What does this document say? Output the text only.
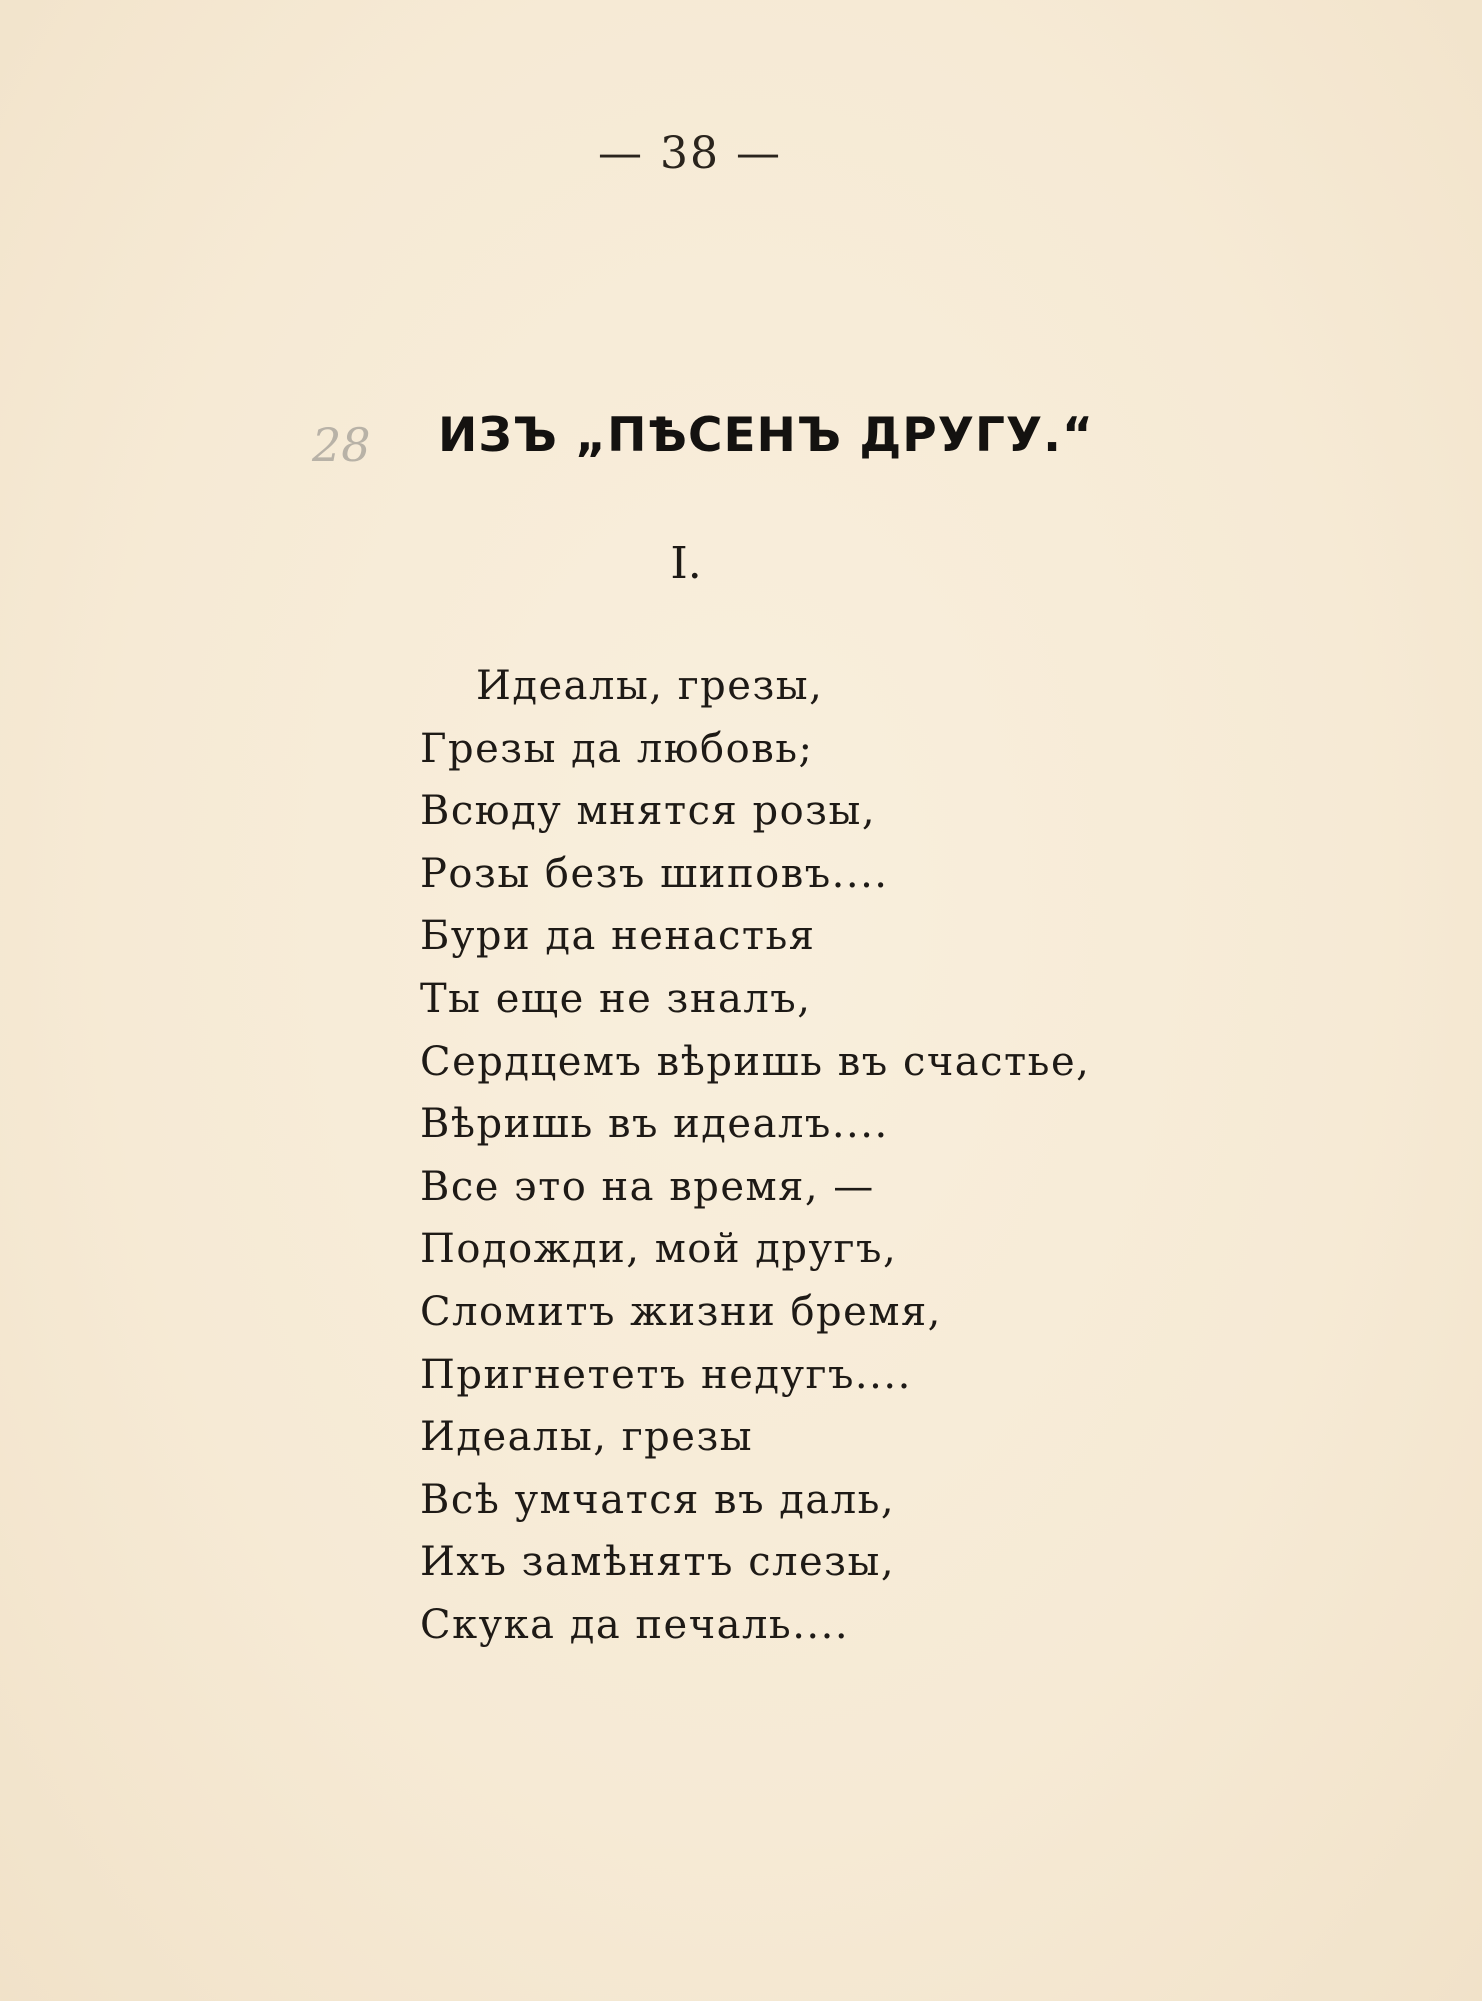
— 38 —
28 ИЗЪ „ПѢСЕНЪ ДРУГУ.“
I.
Идеалы, грезы,
Грезы да любовь;
Всюду мнятся розы,
Розы безъ шиповъ....
Бури да ненастья
Ты еще не зналъ,
Сердцемъ вѣришь въ счастье,
Вѣришь въ идеалъ....
Все это на время, —
Подожди, мой другъ,
Сломитъ жизни бремя,
Пригнететъ недугъ....
Идеалы, грезы
Всѣ умчатся въ даль,
Ихъ замѣнятъ слезы,
Скука да печаль....
